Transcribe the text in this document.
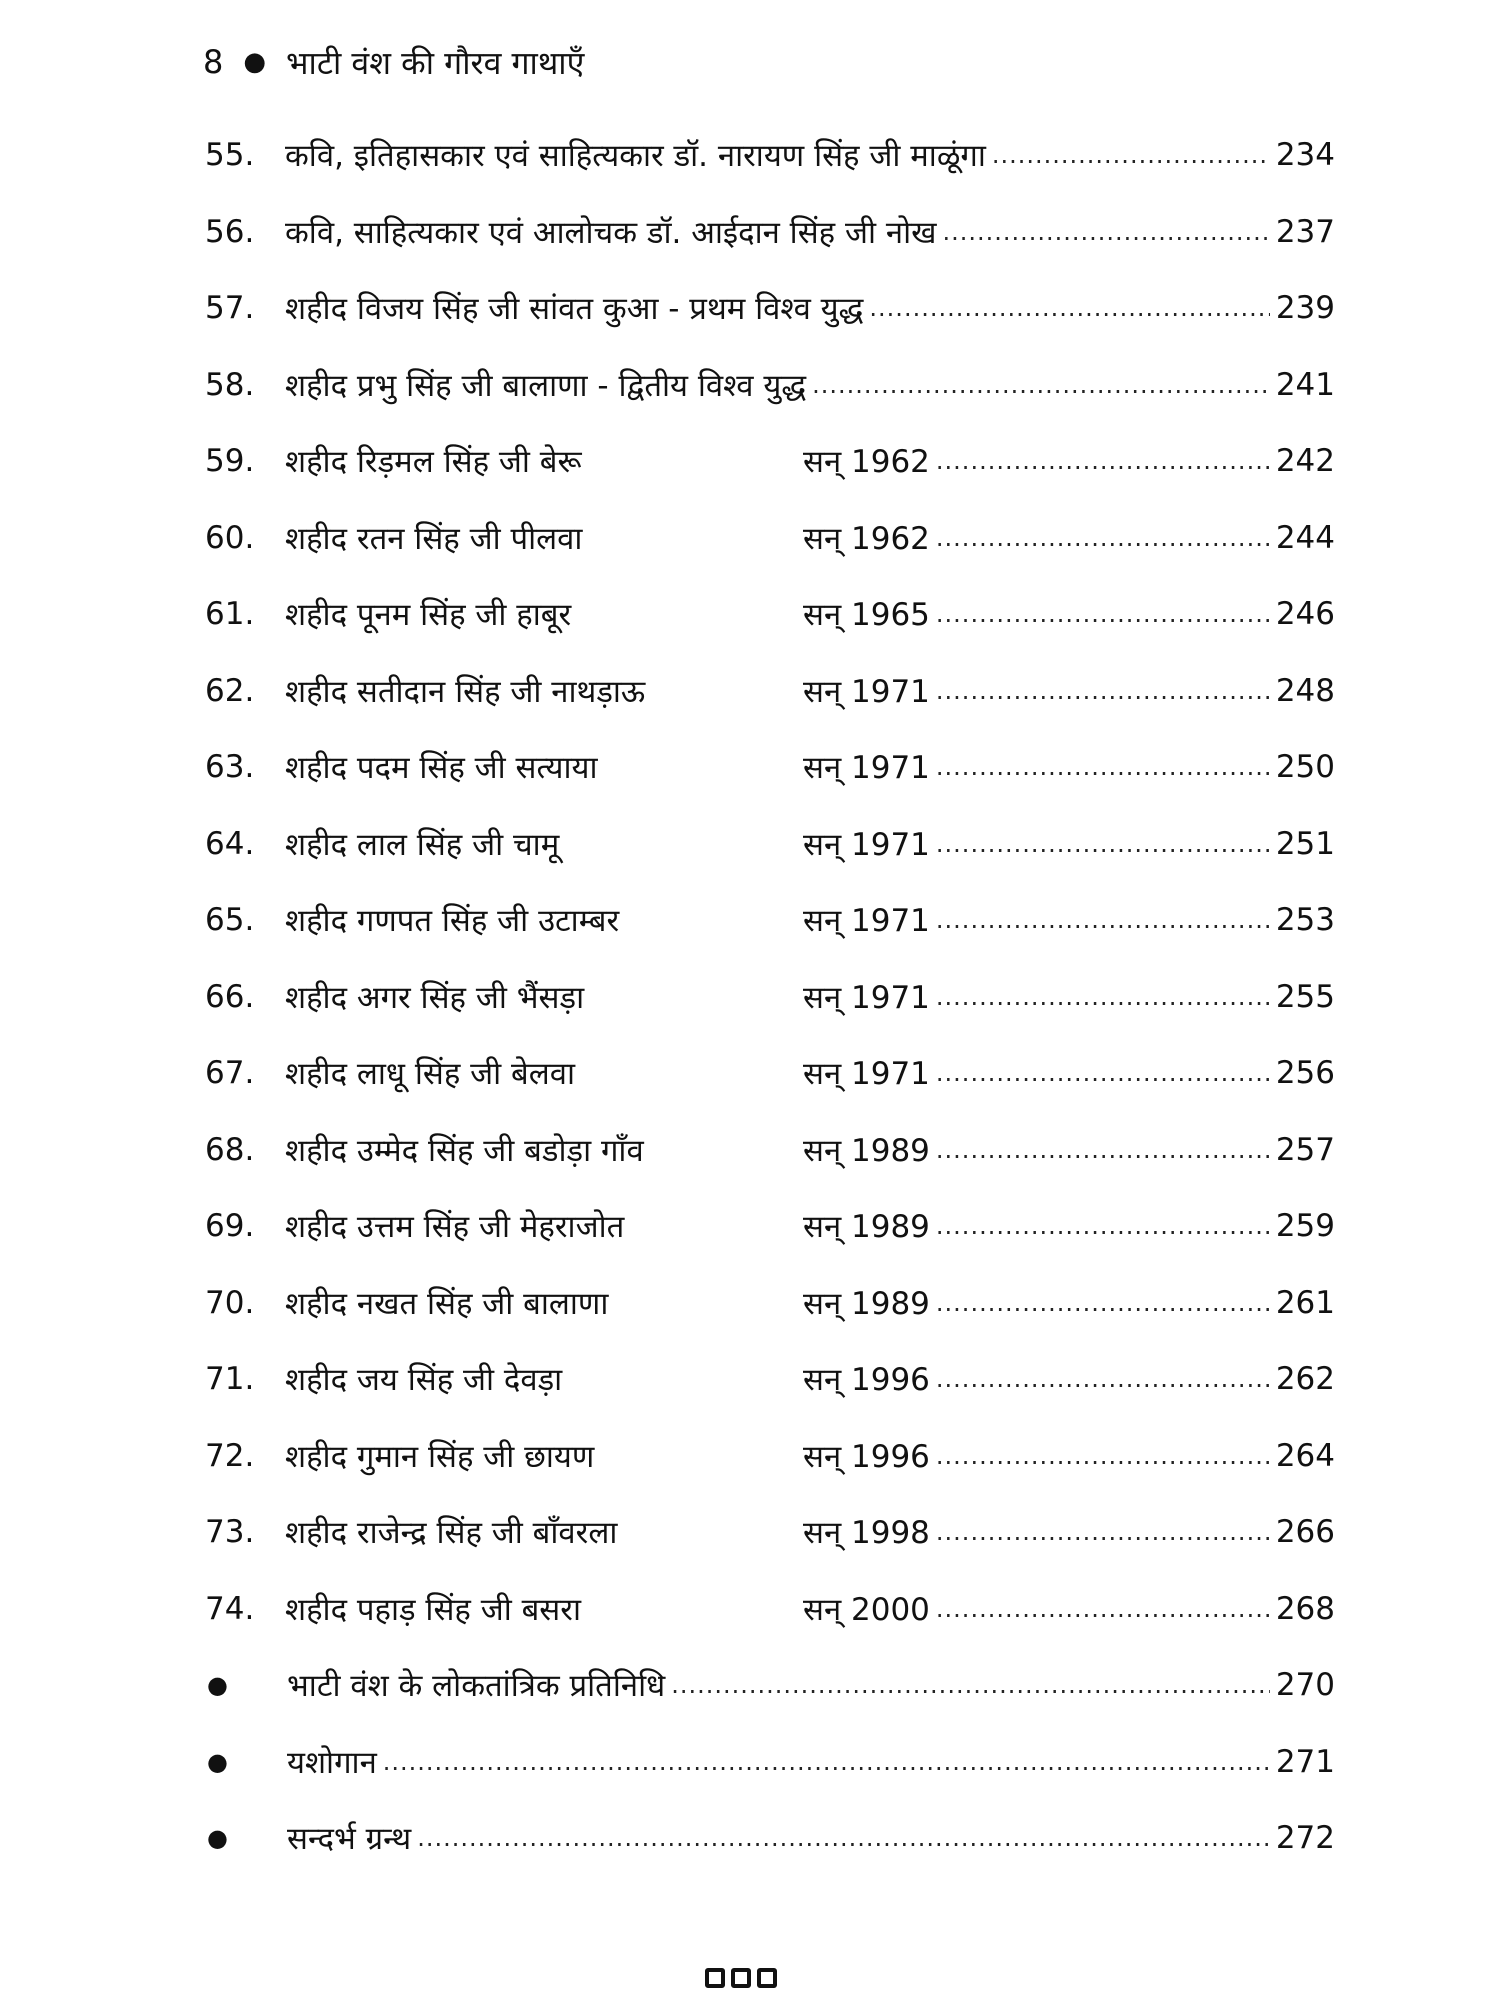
8 ● भाटी वंश की गौरव गाथाएँ
55. कवि, इतिहासकार एवं साहित्यकार डॉ. नारायण सिंह जी माळूंगा .....	234
56. कवि, साहित्यकार एवं आलोचक डॉ. आईदान सिंह जी नोख .....	237
57. शहीद विजय सिंह जी सांवत कुआ - प्रथम विश्व युद्ध .....	239
58. शहीद प्रभु सिंह जी बालाणा - द्वितीय विश्व युद्ध .....	241
59. शहीद रिड़मल सिंह जी बेरू	सन् 1962 .....	242
60. शहीद रतन सिंह जी पीलवा	सन् 1962 .....	244
61. शहीद पूनम सिंह जी हाबूर	सन् 1965 .....	246
62. शहीद सतीदान सिंह जी नाथड़ाऊ	सन् 1971 .....	248
63. शहीद पदम सिंह जी सत्याया	सन् 1971 .....	250
64. शहीद लाल सिंह जी चामू	सन् 1971 .....	251
65. शहीद गणपत सिंह जी उटाम्बर	सन् 1971 .....	253
66. शहीद अगर सिंह जी भैंसड़ा	सन् 1971 .....	255
67. शहीद लाधू सिंह जी बेलवा	सन् 1971 .....	256
68. शहीद उम्मेद सिंह जी बडोड़ा गाँव	सन् 1989 .....	257
69. शहीद उत्तम सिंह जी मेहराजोत	सन् 1989 .....	259
70. शहीद नखत सिंह जी बालाणा	सन् 1989 .....	261
71. शहीद जय सिंह जी देवड़ा	सन् 1996 .....	262
72. शहीद गुमान सिंह जी छायण	सन् 1996 .....	264
73. शहीद राजेन्द्र सिंह जी बाँवरला	सन् 1998 .....	266
74. शहीद पहाड़ सिंह जी बसरा	सन् 2000 .....	268
●	भाटी वंश के लोकतांत्रिक प्रतिनिधि .....	270
●	यशोगान .....	271
●	सन्दर्भ ग्रन्थ .....	272
